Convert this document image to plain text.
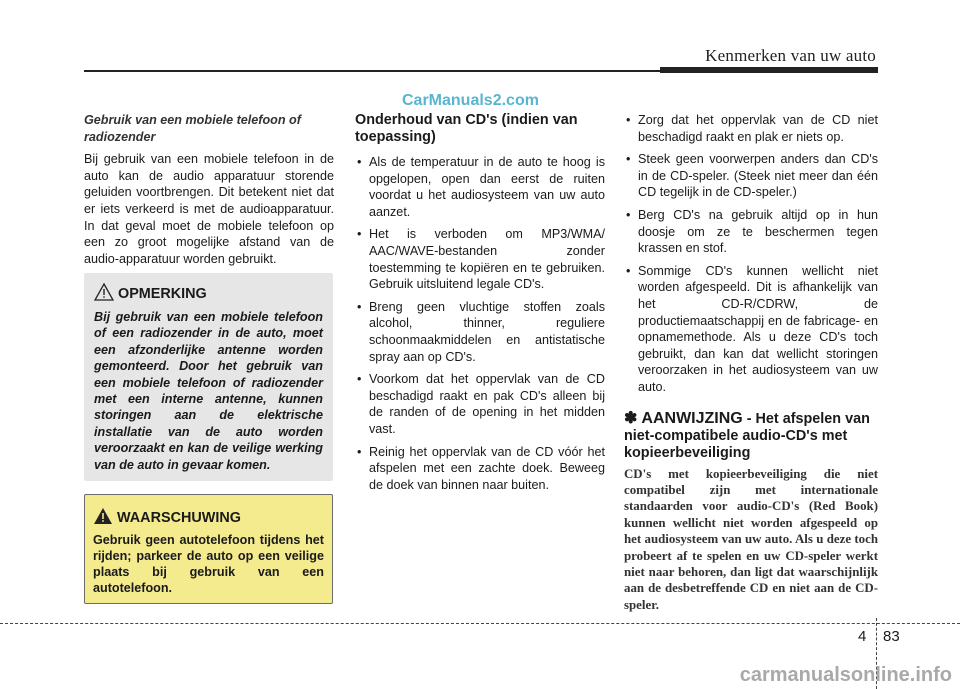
Kenmerken van uw auto
CarManuals2.com

Gebruik van een mobiele telefoon of radiozender

Bij gebruik van een mobiele telefoon in de auto kan de audio apparatuur storende geluiden voortbrengen. Dit betekent niet dat er iets verkeerd is met de audioapparatuur. In dat geval moet de mobiele telefoon op een zo groot mogelijke afstand van de audio-apparatuur worden gebruikt.

OPMERKING

Bij gebruik van een mobiele telefoon of een radiozender in de auto, moet een afzonderlijke antenne worden gemonteerd. Door het gebruik van een mobiele telefoon of radiozender met een interne antenne, kunnen storingen aan de elektrische installatie van de auto worden veroorzaakt en kan de veilige werking van de auto in gevaar komen.

WAARSCHUWING

Gebruik geen autotelefoon tijdens het rijden; parkeer de auto op een veilige plaats bij gebruik van een autotelefoon.

Onderhoud van CD's (indien van toepassing)

• Als de temperatuur in de auto te hoog is opgelopen, open dan eerst de ruiten voordat u het audiosysteem van uw auto aanzet.
• Het is verboden om MP3/WMA/ AAC/WAVE-bestanden zonder toestemming te kopiëren en te gebruiken. Gebruik uitsluitend legale CD's.
• Breng geen vluchtige stoffen zoals alcohol, thinner, reguliere schoonmaakmiddelen en antistatische spray aan op CD's.
• Voorkom dat het oppervlak van de CD beschadigd raakt en pak CD's alleen bij de randen of de opening in het midden vast.
• Reinig het oppervlak van de CD vóór het afspelen met een zachte doek. Beweeg de doek van binnen naar buiten.
• Zorg dat het oppervlak van de CD niet beschadigd raakt en plak er niets op.
• Steek geen voorwerpen anders dan CD's in de CD-speler. (Steek niet meer dan één CD tegelijk in de CD-speler.)
• Berg CD's na gebruik altijd op in hun doosje om ze te beschermen tegen krassen en stof.
• Sommige CD's kunnen wellicht niet worden afgespeeld. Dit is afhankelijk van het CD-R/CDRW, de productiemaatschappij en de fabricage- en opnamemethode. Als u deze CD's toch gebruikt, dan kan dat wellicht storingen veroorzaken in het audiosysteem van uw auto.

✽ AANWIJZING - Het afspelen van niet-compatibele audio-CD's met kopieerbeveiliging

CD's met kopieerbeveiliging die niet compatibel zijn met internationale standaarden voor audio-CD's (Red Book) kunnen wellicht niet worden afgespeeld op het audiosysteem van uw auto. Als u deze toch probeert af te spelen en uw CD-speler werkt niet naar behoren, dan ligt dat waarschijnlijk aan de desbetreffende CD en niet aan de CD-speler.

4 83
carmanualsonline.info
